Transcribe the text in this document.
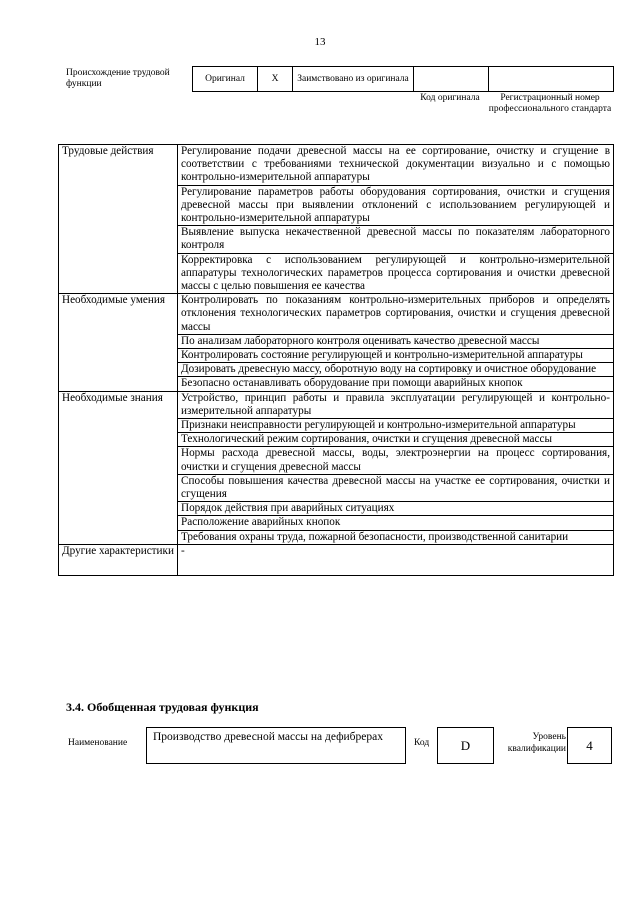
13
Происхождение трудовой функции	Оригинал	X	Заимствовано из оригинала		
Код оригинала	Регистрационный номер профессионального стандарта
Трудовые действия	Регулирование подачи древесной массы на ее сортирование, очистку и сгущение в соответствии с требованиями технической документации визуально и с помощью контрольно-измерительной аппаратуры
	Регулирование параметров работы оборудования сортирования, очистки и сгущения древесной массы при выявлении отклонений с использованием регулирующей и контрольно-измерительной аппаратуры
	Выявление выпуска некачественной древесной массы по показателям лабораторного контроля
	Корректировка с использованием регулирующей и контрольно-измерительной аппаратуры технологических параметров процесса сортирования и очистки древесной массы с целью повышения ее качества
Необходимые умения	Контролировать по показаниям контрольно-измерительных приборов и определять отклонения технологических параметров сортирования, очистки и сгущения древесной массы
	По анализам лабораторного контроля оценивать качество древесной массы
	Контролировать состояние регулирующей и контрольно-измерительной аппаратуры
	Дозировать древесную массу, оборотную воду на сортировку и очистное оборудование
	Безопасно останавливать оборудование при помощи аварийных кнопок
Необходимые знания	Устройство, принцип работы и правила эксплуатации регулирующей и контрольно-измерительной аппаратуры
	Признаки неисправности регулирующей и контрольно-измерительной аппаратуры
	Технологический режим сортирования, очистки и сгущения древесной массы
	Нормы расхода древесной массы, воды, электроэнергии на процесс сортирования, очистки и сгущения древесной массы
	Способы повышения качества древесной массы на участке ее сортирования, очистки и сгущения
	Порядок действия при аварийных ситуациях
	Расположение аварийных кнопок
	Требования охраны труда, пожарной безопасности, производственной санитарии
Другие характеристики	-
3.4. Обобщенная трудовая функция
Наименование	Производство древесной массы на дефибрерах	Код	D
Уровень квалификации	4
